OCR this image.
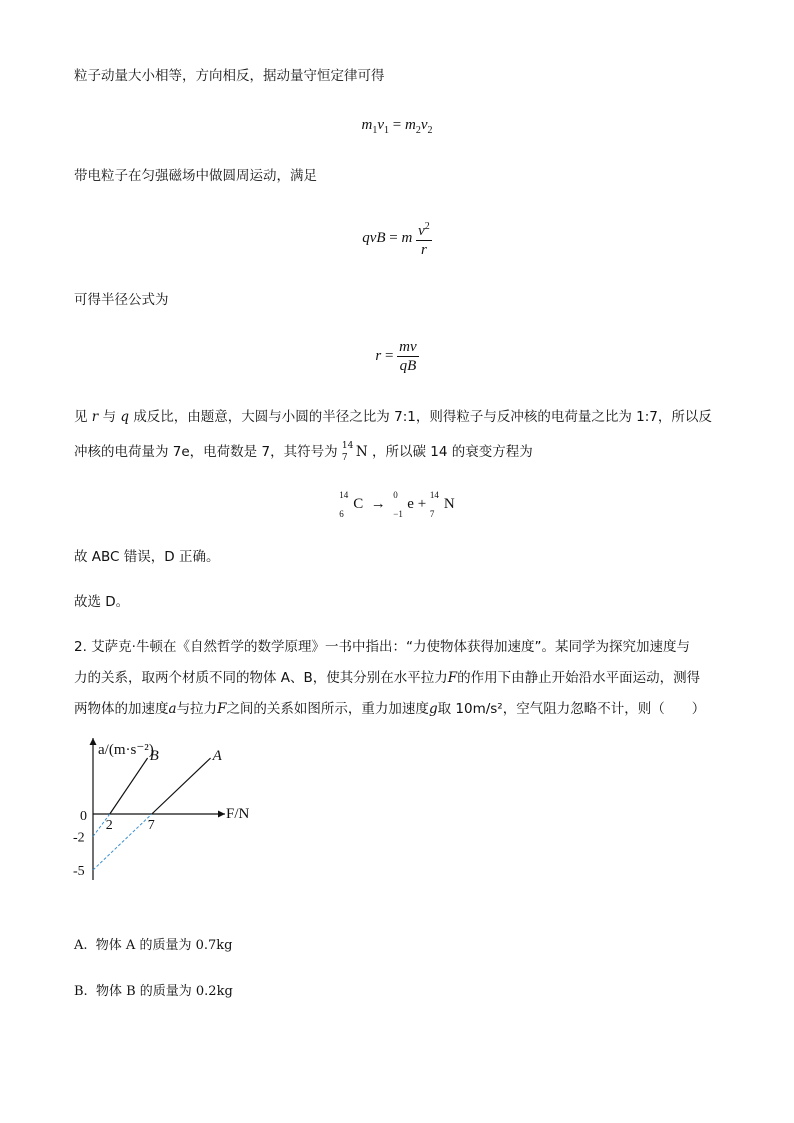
粒子动量大小相等，方向相反，据动量守恒定律可得
$m_1v_1 = m_2v_2$
带电粒子在匀强磁场中做圆周运动，满足
qvB = m $\frac{v^2}{r}$
可得半径公式为
$r = \frac{mv}{qB}$
见 r 与 q 成反比，由题意，大圆与小圆的半径之比为 7:1，则得粒子与反冲核的电荷量之比为 1:7，所以反
冲核的电荷量为 7e，电荷数是 7，其符号为 14
7 N ，所以碳 14 的衰变方程为
14
6
C  →
0
−1
e +
14
7
N
故 ABC 错误，D 正确。
故选 D。
2. 艾萨克·牛顿在《自然哲学的数学原理》一书中指出：“力使物体获得加速度”。某同学为探究加速度与
力的关系，取两个材质不同的物体 A、B，使其分别在水平拉力F的作用下由静止开始沿水平面运动，测得
两物体的加速度a与拉力F之间的关系如图所示，重力加速度g取 10m/s²，空气阻力忽略不计，则（　　）
B	A
2	7
-2
-5
a/(m·s⁻²)
F/N
0
A. 物体 A 的质量为 0.7kg
B. 物体 B 的质量为 0.2kg
